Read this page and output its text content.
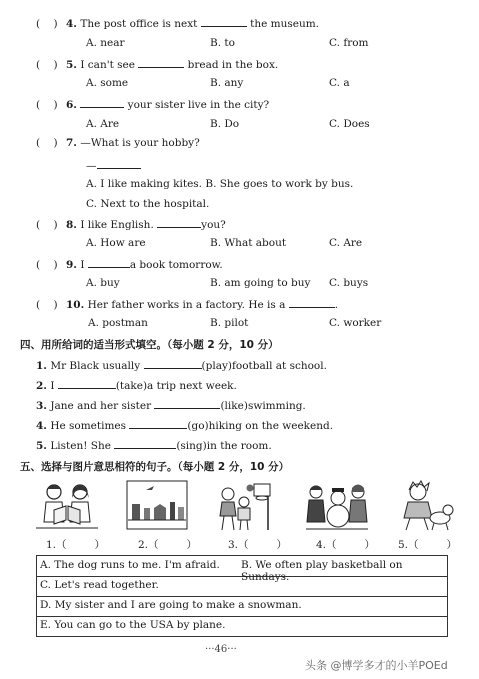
( ) 4. The post office is next	the museum.
A. near	B. to	C. from
( ) 5. I can't see	bread in the box.
A. some	B. any	C. a
( ) 6.	your sister live in the city?
A. Are	B. Do	C. Does
( ) 7. —What is your hobby?
—
A. I like making kites. B. She goes to work by bus.
C. Next to the hospital.
( ) 8. I like English.	you?
A. How are	B. What about	C. Are
( ) 9. I	a book tomorrow.
A. buy	B. am going to buy C. buys
( ) 10. Her father works in a factory. He is a	.
A. postman	B. pilot	C. worker
四、用所给词的适当形式填空。（每小题 2 分，10 分）
1. Mr Black usually	(play)football at school.
2. I	(take)a trip next week.
3. Jane and her sister	(like)swimming.
4. He sometimes	(go)hiking on the weekend.
5. Listen! She	(sing)in the room.
五、选择与图片意思相符的句子。（每小题 2 分，10 分）
1.（	）	2.（	）	3.（	）	4.（	） 5.（	）
A. The dog runs to me. I'm afraid. B. We often play basketball on Sundays.
C. Let's read together.
D. My sister and I are going to make a snowman.
E. You can go to the USA by plane.
···46···
头条 @博学多才的小羊POEd
